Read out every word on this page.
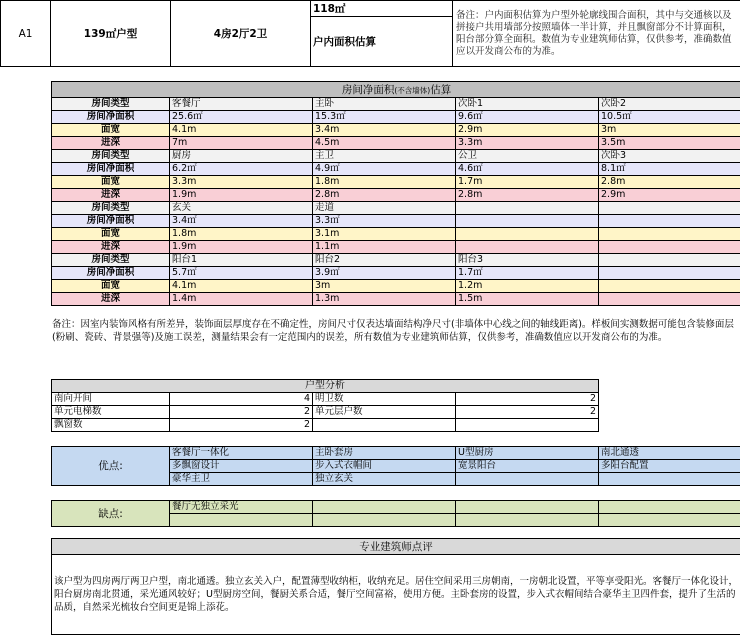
A1	139㎡户型	4房2厅2卫	118㎡	备注：户内面积估算为户型外轮廓线围合面积，其中与交通核以及拼接户共用墙部分按照墙体一半计算，并且飘窗部分不计算面积，阳台部分算全面积。数值为专业建筑师估算，仅供参考，准确数值应以开发商公布的为准。
户内面积估算
房间净面积(不含墙体)估算				
房间类型	客餐厅	主卧	次卧1	次卧2
房间净面积	25.6㎡	15.3㎡	9.6㎡	10.5㎡
面宽	4.1m	3.4m	2.9m	3m
进深	7m	4.5m	3.3m	3.5m
房间类型	厨房	主卫	公卫	次卧3
房间净面积	6.2㎡	4.9㎡	4.6㎡	8.1㎡
面宽	3.3m	1.8m	1.7m	2.8m
进深	1.9m	2.8m	2.8m	2.9m
房间类型	玄关	走道		
房间净面积	3.4㎡	3.3㎡		
面宽	1.8m	3.1m		
进深	1.9m	1.1m		
房间类型	阳台1	阳台2	阳台3	
房间净面积	5.7㎡	3.9㎡	1.7㎡	
面宽	4.1m	3m	1.2m	
进深	1.4m	1.3m	1.5m	
备注：因室内装饰风格有所差异，装饰面层厚度存在不确定性，房间尺寸仅表达墙面结构净尺寸(非墙体中心线之间的轴线距离)。样板间实测数据可能包含装修面层(粉刷、瓷砖、背景强等)及施工误差，测量结果会有一定范围内的误差，所有数值为专业建筑师估算，仅供参考，准确数值应以开发商公布的为准。
户型分析			
南向开间	4	明卫数	2
单元电梯数	2	单元层户数	2
飘窗数	2		
优点:	客餐厅一体化	主卧套房	U型厨房	南北通透
	多飘窗设计	步入式衣帽间	宽景阳台	多阳台配置
	豪华主卫	独立玄关		
缺点:	餐厅无独立采光			

专业建筑师点评
该户型为四房两厅两卫户型，南北通透。独立玄关入户，配置薄型收纳柜，收纳充足。居住空间采用三房朝南，一房朝北设置，平等享受阳光。客餐厅一体化设计，阳台厨房南北贯通，采光通风较好；U型厨房空间，餐厨关系合适，餐厅空间富裕，使用方便。主卧套房的设置，步入式衣帽间结合豪华主卫四件套，提升了生活的品质，自然采光梳妆台空间更是锦上添花。
